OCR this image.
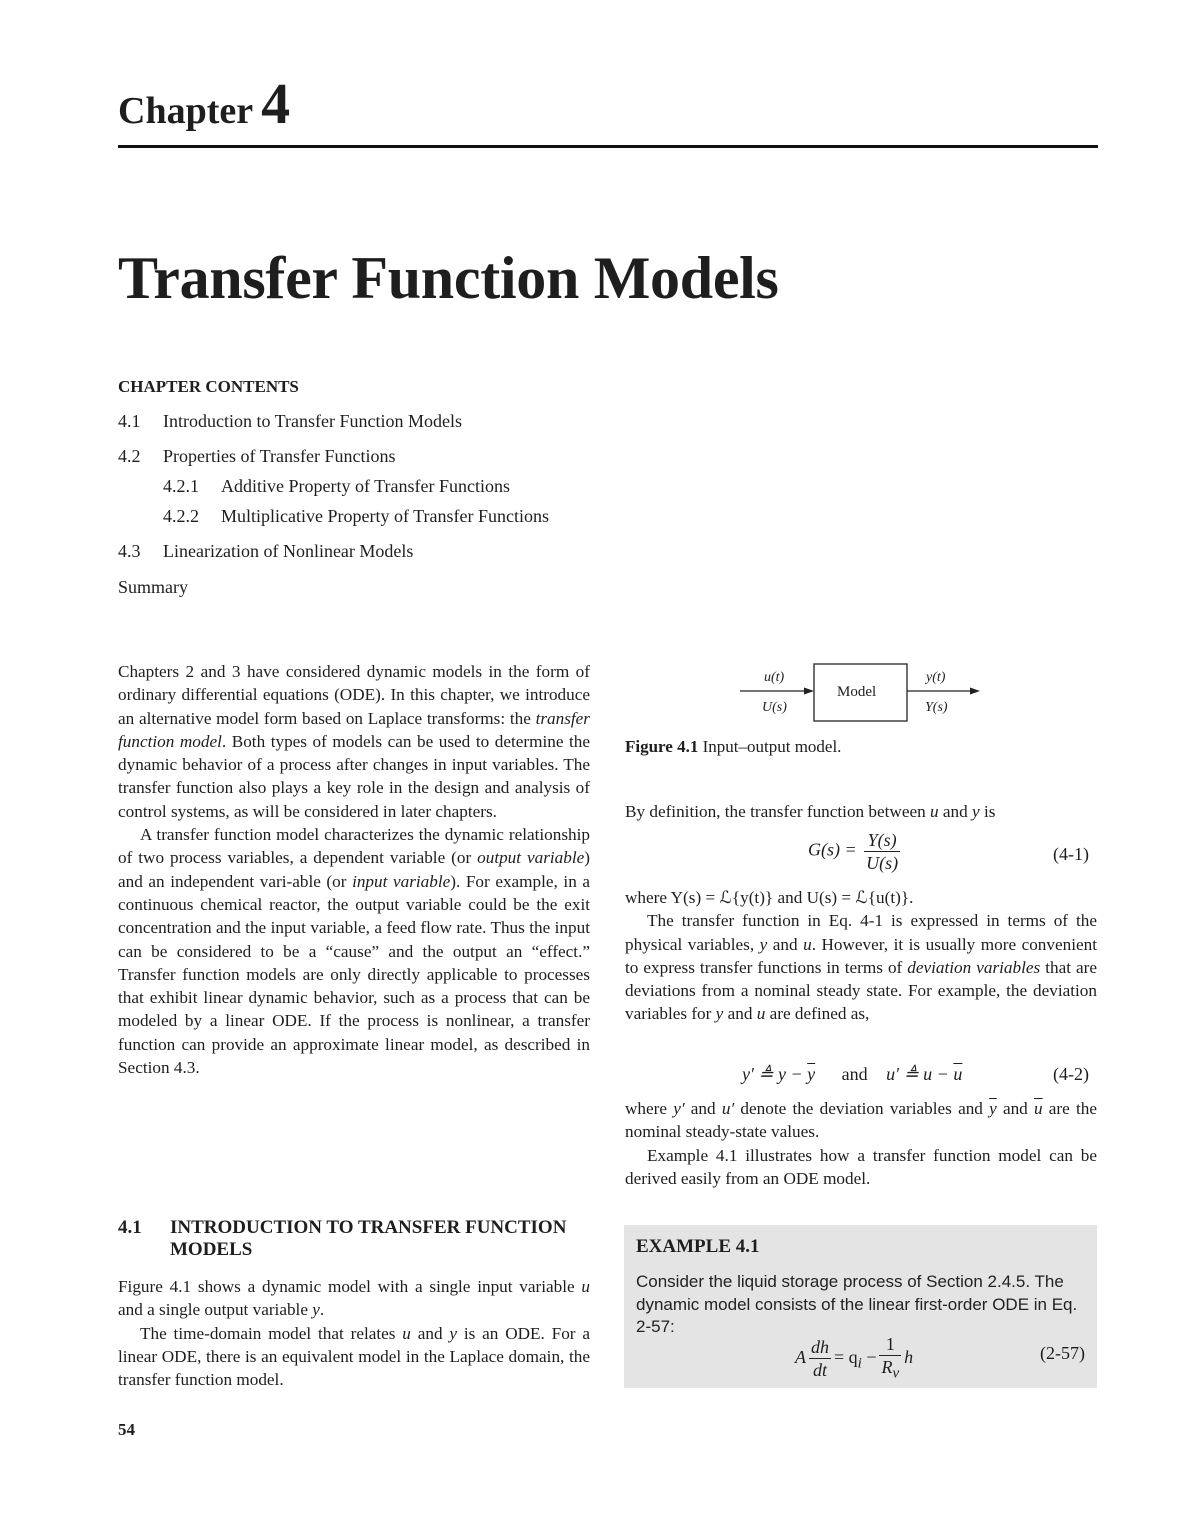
Chapter 4
Transfer Function Models
CHAPTER CONTENTS
4.1 Introduction to Transfer Function Models
4.2 Properties of Transfer Functions
4.2.1 Additive Property of Transfer Functions
4.2.2 Multiplicative Property of Transfer Functions
4.3 Linearization of Nonlinear Models
Summary

Chapters 2 and 3 have considered dynamic models in the form of ordinary differential equations (ODE). In this chapter, we introduce an alternative model form based on Laplace transforms: the transfer function model. Both types of models can be used to determine the dynamic behavior of a process after changes in input variables. The transfer function also plays a key role in the design and analysis of control systems, as will be considered in later chapters.

A transfer function model characterizes the dynamic relationship of two process variables, a dependent variable (or output variable) and an independent vari-able (or input variable). For example, in a continuous chemical reactor, the output variable could be the exit concentration and the input variable, a feed flow rate. Thus the input can be considered to be a “cause” and the output an “effect.” Transfer function models are only directly applicable to processes that exhibit linear dynamic behavior, such as a process that can be modeled by a linear ODE. If the process is nonlinear, a transfer function can provide an approximate linear model, as described in Section 4.3.

4.1 INTRODUCTION TO TRANSFER FUNCTION MODELS

Figure 4.1 shows a dynamic model with a single input variable u and a single output variable y.

The time-domain model that relates u and y is an ODE. For a linear ODE, there is an equivalent model in the Laplace domain, the transfer function model.

54
u(t)
U(s)
Model
y(t)
Y(s)
Figure 4.1 Input–output model.

By definition, the transfer function between u and y is

$G(s) = \frac{Y(s)}{U(s)}$	(4-1)

where Y(s) = ℒ{y(t)} and U(s) = ℒ{u(t)}.

The transfer function in Eq. 4-1 is expressed in terms of the physical variables, y and u. However, it is usually more convenient to express transfer functions in terms of deviation variables that are deviations from a nominal steady state. For example, the deviation variables for y and u are defined as,

y′ ≜ $y - \overline{y}$ and u′ ≜ $u - \overline{u}$	(4-2)

where y′ and u′ denote the deviation variables and $\overline{y}$ and $\overline{u}$ are the nominal steady-state values.

Example 4.1 illustrates how a transfer function model can be derived easily from an ODE model.

EXAMPLE 4.1
Consider the liquid storage process of Section 2.4.5. The dynamic model consists of the linear first-order ODE in Eq. 2-57:
A $\frac{dh}{dt} = q_i - \frac{1}{R_v}$ h	(2-57)
